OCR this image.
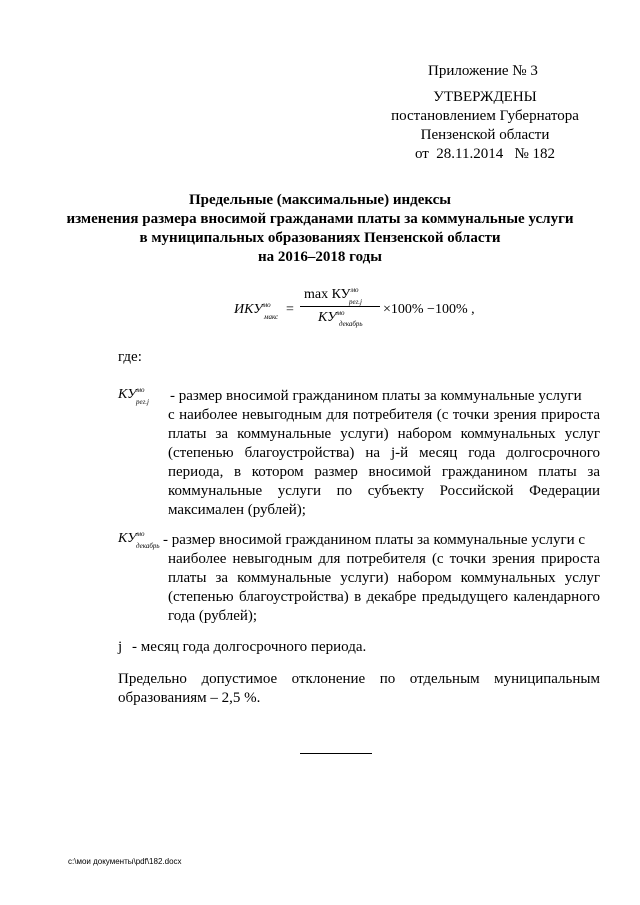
Приложение № 3
УТВЕРЖДЕНЫ
постановлением Губернатора
Пензенской области
от  28.11.2014   № 182
Предельные (максимальные) индексы
изменения размера вносимой гражданами платы за коммунальные услуги
в муниципальных образованиях Пензенской области
на 2016–2018 годы
$ИКУ^{мо}$
макс =
$\max КУ^{мо}$
рег.j
$КУ^{мо}$
декабрь
×100% −100% ,
где:
$КУ^{мо}$
рег.j - размер вносимой гражданином платы за коммунальные услуги
с наиболее невыгодным для потребителя (с точки зрения прироста платы за коммунальные услуги) набором коммунальных услуг (степенью благоустройства) на j-й месяц года долгосрочного периода, в котором размер вносимой гражданином платы за коммунальные услуги по субъекту Российской Федерации максимален (рублей);
$КУ^{мо}$
декабрь - размер вносимой гражданином платы за коммунальные услуги с
наиболее невыгодным для потребителя (с точки зрения прироста платы за коммунальные услуги) набором коммунальных услуг (степенью благоустройства) в декабре предыдущего календарного года (рублей);
j - месяц года долгосрочного периода.
Предельно допустимое отклонение по отдельным муниципальным образованиям – 2,5 %.
c:\мои документы\pdf\182.docx
